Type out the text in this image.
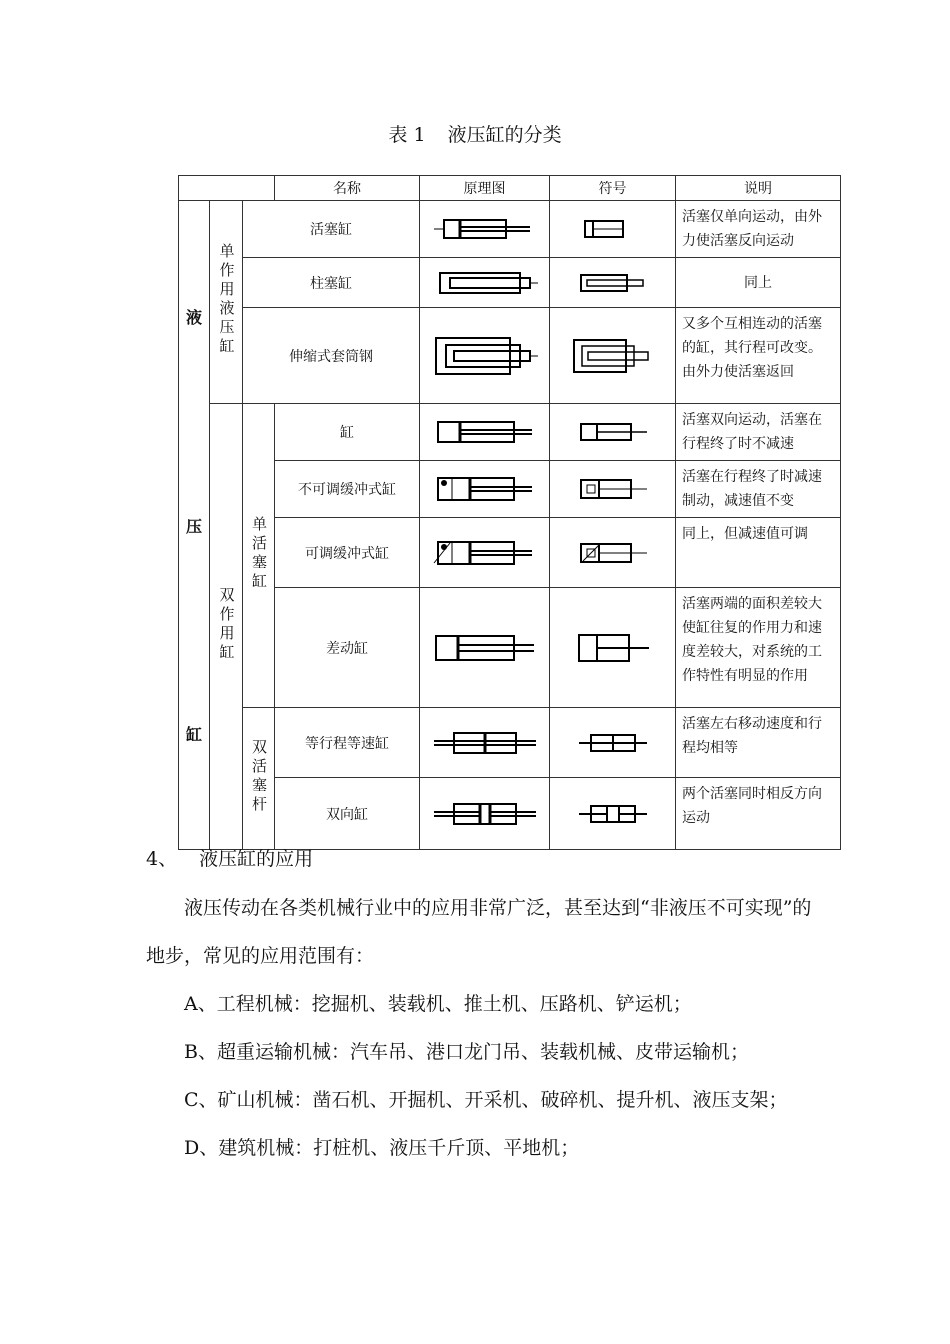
表 1 液压缸的分类
			名称	原理图	符号	说明

液
压
缸	单作用液压缸	活塞缸				活塞仅单向运动，由外力使活塞反向运动
		柱塞缸				同上
		伸缩式套筒钢				又多个互相连动的活塞的缸，其行程可改变。由外力使活塞返回
	双作用缸	单活塞缸	缸			活塞双向运动，活塞在行程终了时不减速
			不可调缓冲式缸			活塞在行程终了时减速制动，减速值不变
			可调缓冲式缸			同上，但减速值可调
			差动缸			活塞两端的面积差较大使缸往复的作用力和速度差较大，对系统的工作特性有明显的作用
		双活塞杆	等行程等速缸			活塞左右移动速度和行程均相等
			双向缸			两个活塞同时相反方向运动
4、 液压缸的应用

液压传动在各类机械行业中的应用非常广泛，甚至达到“非液压不可实现”的地步，常见的应用范围有：

A、工程机械：挖掘机、装载机、推土机、压路机、铲运机；

B、超重运输机械：汽车吊、港口龙门吊、装载机械、皮带运输机；

C、矿山机械：凿石机、开掘机、开采机、破碎机、提升机、液压支架；

D、建筑机械：打桩机、液压千斤顶、平地机；
